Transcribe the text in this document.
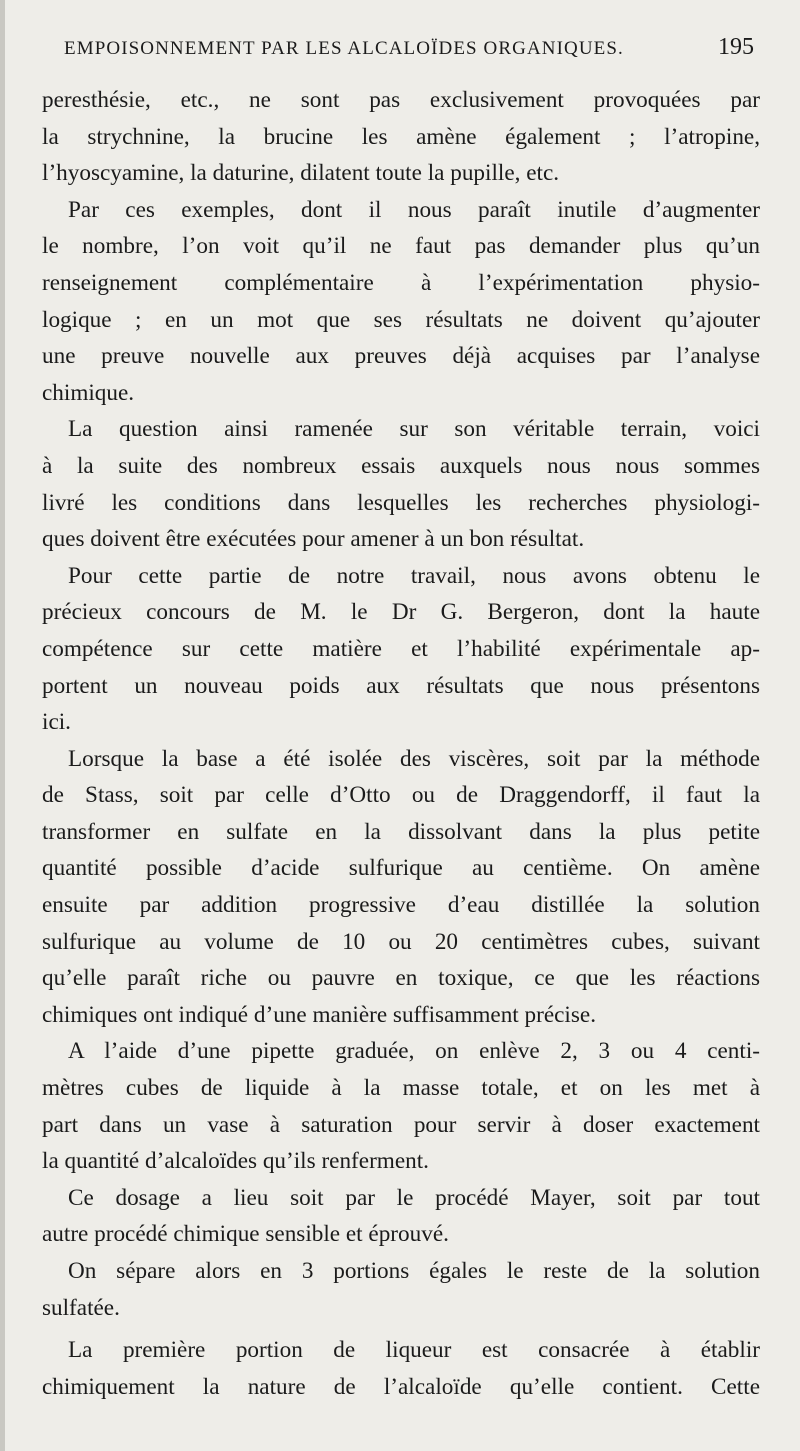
EMPOISONNEMENT PAR LES ALCALOÏDES ORGANIQUES.	195
peresthésie, etc., ne sont pas exclusivement provoquées par
la strychnine, la brucine les amène également ; l’atropine,
l’hyoscyamine, la daturine, dilatent toute la pupille, etc.
Par ces exemples, dont il nous paraît inutile d’augmenter
le nombre, l’on voit qu’il ne faut pas demander plus qu’un
renseignement complémentaire à l’expérimentation physio-
logique ; en un mot que ses résultats ne doivent qu’ajouter
une preuve nouvelle aux preuves déjà acquises par l’analyse
chimique.
La question ainsi ramenée sur son véritable terrain, voici
à la suite des nombreux essais auxquels nous nous sommes
livré les conditions dans lesquelles les recherches physiologi-
ques doivent être exécutées pour amener à un bon résultat.
Pour cette partie de notre travail, nous avons obtenu le
précieux concours de M. le Dr G. Bergeron, dont la haute
compétence sur cette matière et l’habilité expérimentale ap-
portent un nouveau poids aux résultats que nous présentons
ici.
Lorsque la base a été isolée des viscères, soit par la méthode
de Stass, soit par celle d’Otto ou de Draggendorff, il faut la
transformer en sulfate en la dissolvant dans la plus petite
quantité possible d’acide sulfurique au centième. On amène
ensuite par addition progressive d’eau distillée la solution
sulfurique au volume de 10 ou 20 centimètres cubes, suivant
qu’elle paraît riche ou pauvre en toxique, ce que les réactions
chimiques ont indiqué d’une manière suffisamment précise.
A l’aide d’une pipette graduée, on enlève 2, 3 ou 4 centi-
mètres cubes de liquide à la masse totale, et on les met à
part dans un vase à saturation pour servir à doser exactement
la quantité d’alcaloïdes qu’ils renferment.
Ce dosage a lieu soit par le procédé Mayer, soit par tout
autre procédé chimique sensible et éprouvé.
On sépare alors en 3 portions égales le reste de la solution
sulfatée.
La première portion de liqueur est consacrée à établir
chimiquement la nature de l’alcaloïde qu’elle contient. Cette
